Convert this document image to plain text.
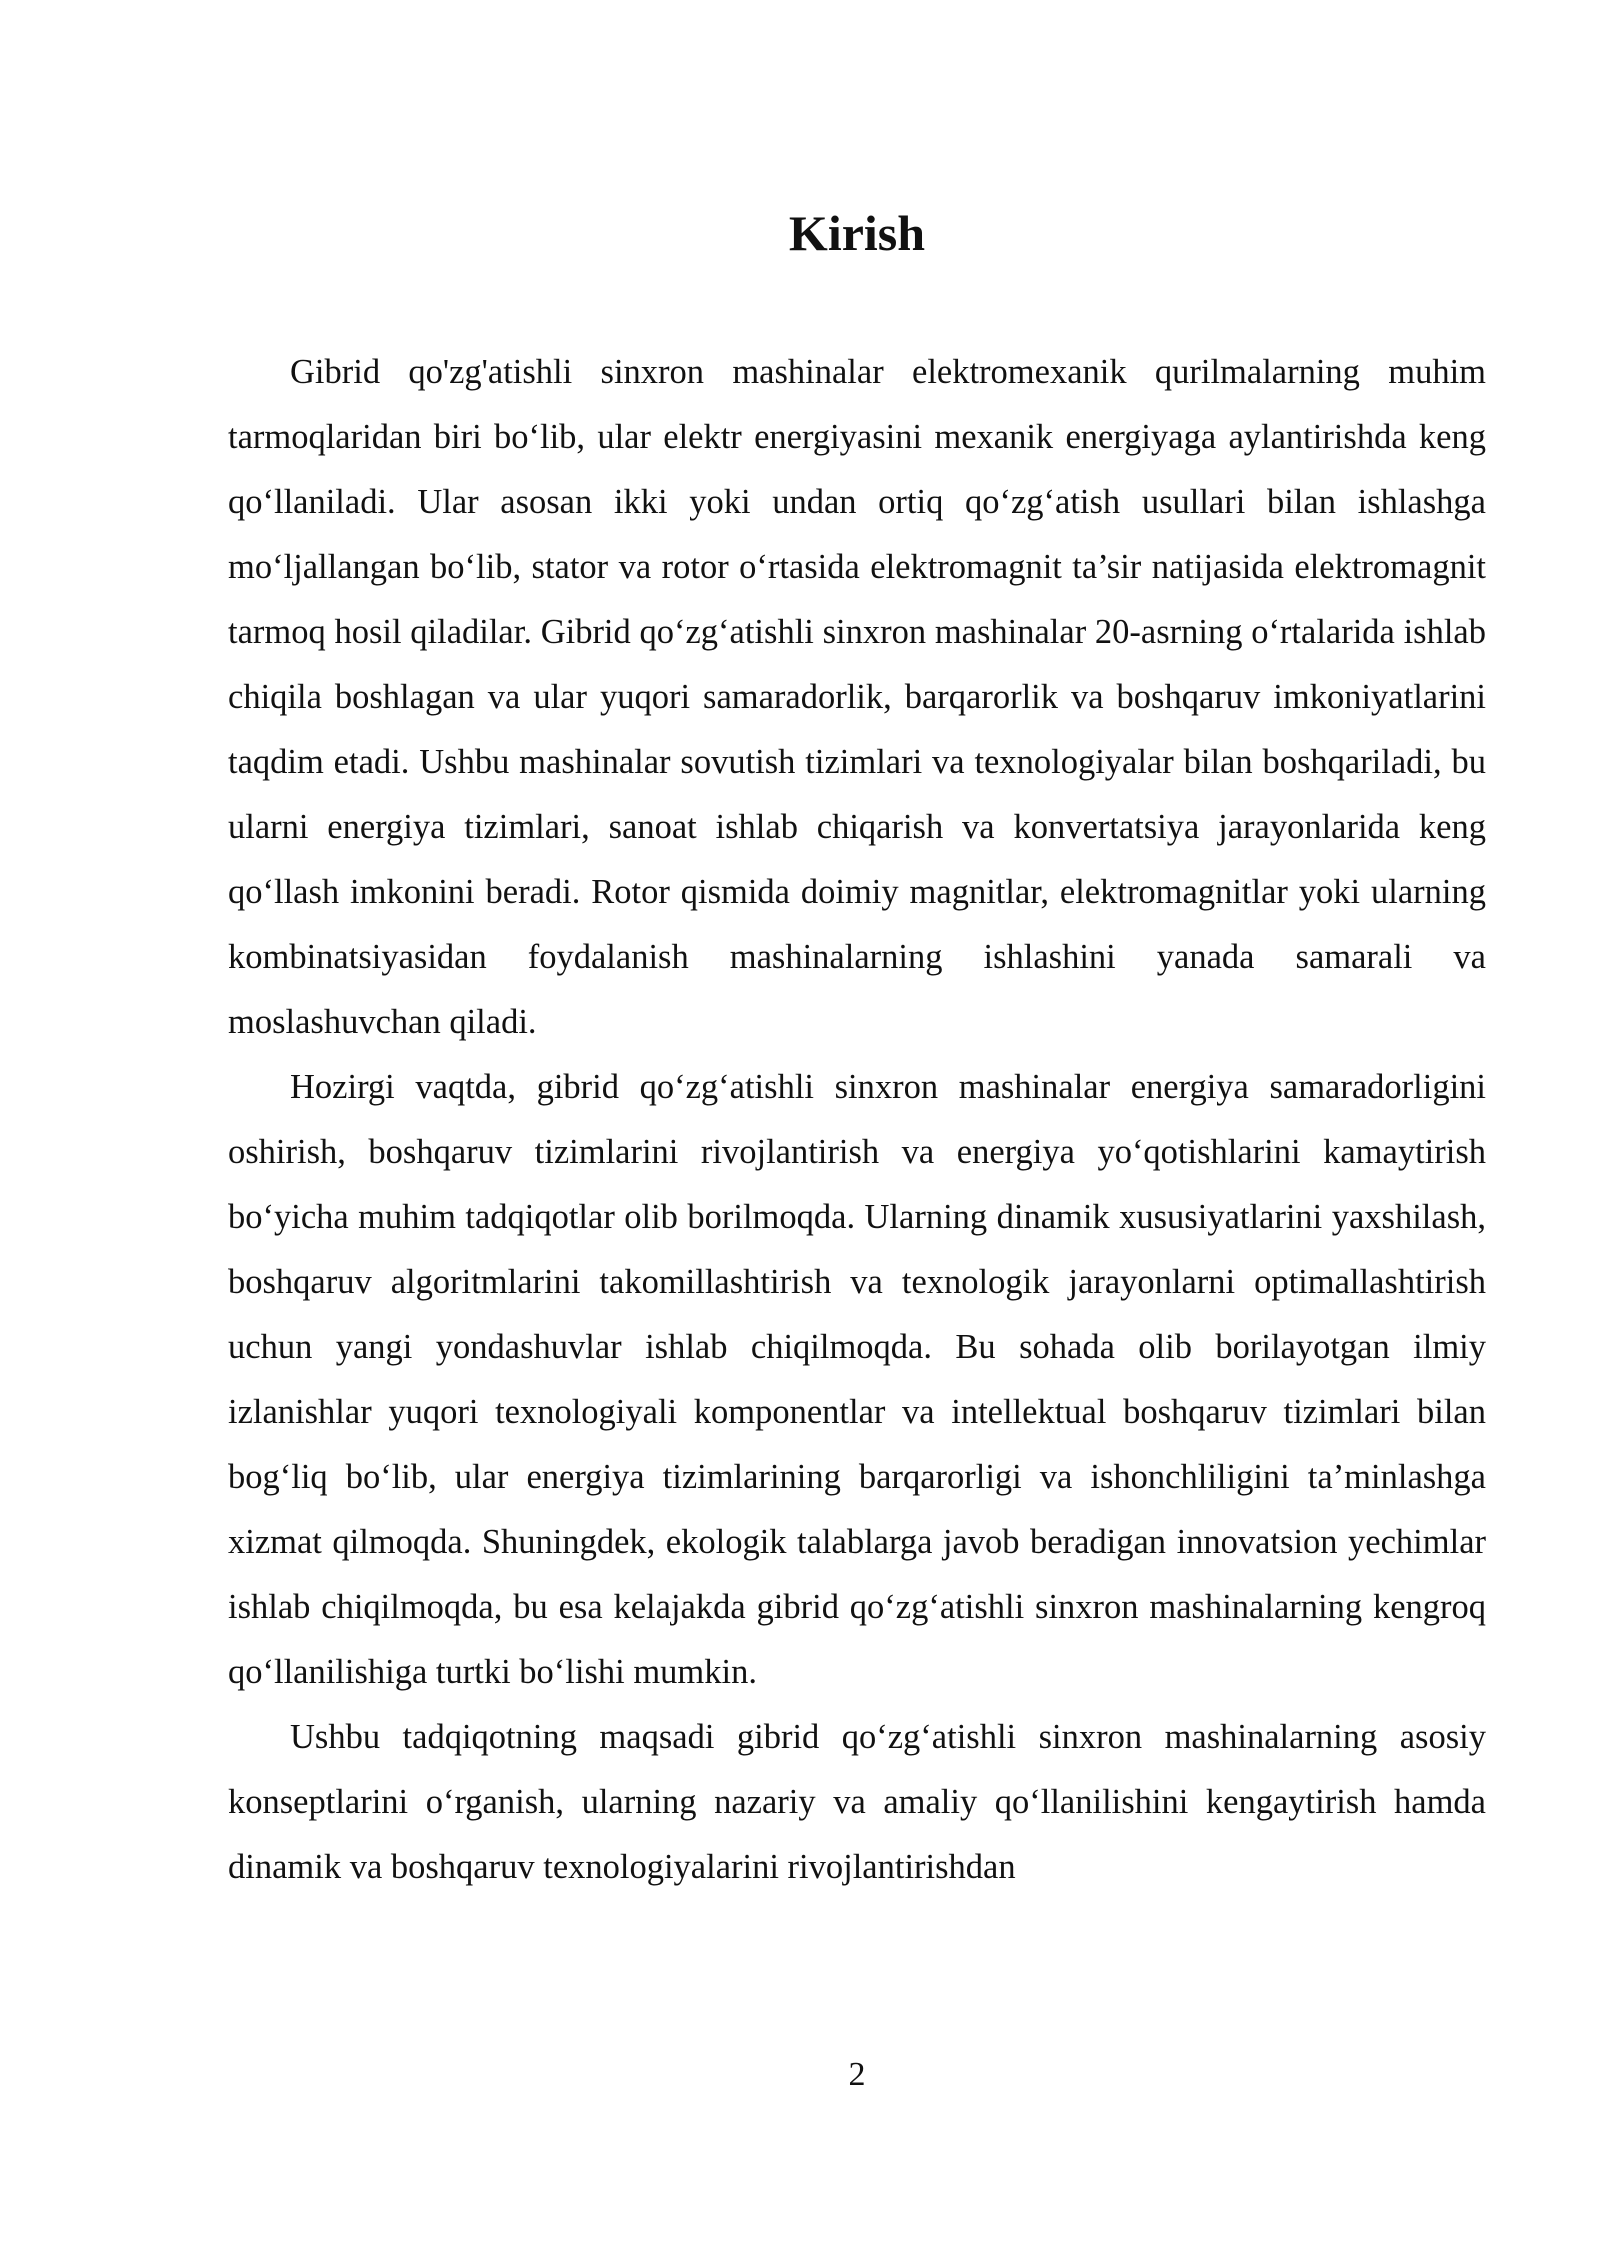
Kirish

Gibrid qo'zg'atishli sinxron mashinalar elektromexanik qurilmalarning muhim tarmoqlaridan biri bo‘lib, ular elektr energiyasini mexanik energiyaga aylantirishda keng qo‘llaniladi. Ular asosan ikki yoki undan ortiq qo‘zg‘atish usullari bilan ishlashga mo‘ljallangan bo‘lib, stator va rotor o‘rtasida elektromagnit ta’sir natijasida elektromagnit tarmoq hosil qiladilar. Gibrid qo‘zg‘atishli sinxron mashinalar 20-asrning o‘rtalarida ishlab chiqila boshlagan va ular yuqori samaradorlik, barqarorlik va boshqaruv imkoniyatlarini taqdim etadi. Ushbu mashinalar sovutish tizimlari va texnologiyalar bilan boshqariladi, bu ularni energiya tizimlari, sanoat ishlab chiqarish va konvertatsiya jarayonlarida keng qo‘llash imkonini beradi. Rotor qismida doimiy magnitlar, elektromagnitlar yoki ularning kombinatsiyasidan foydalanish mashinalarning ishlashini yanada samarali va moslashuvchan qiladi.

Hozirgi vaqtda, gibrid qo‘zg‘atishli sinxron mashinalar energiya samaradorligini oshirish, boshqaruv tizimlarini rivojlantirish va energiya yo‘qotishlarini kamaytirish bo‘yicha muhim tadqiqotlar olib borilmoqda. Ularning dinamik xususiyatlarini yaxshilash, boshqaruv algoritmlarini takomillashtirish va texnologik jarayonlarni optimallashtirish uchun yangi yondashuvlar ishlab chiqilmoqda. Bu sohada olib borilayotgan ilmiy izlanishlar yuqori texnologiyali komponentlar va intellektual boshqaruv tizimlari bilan bog‘liq bo‘lib, ular energiya tizimlarining barqarorligi va ishonchliligini ta’minlashga xizmat qilmoqda. Shuningdek, ekologik talablarga javob beradigan innovatsion yechimlar ishlab chiqilmoqda, bu esa kelajakda gibrid qo‘zg‘atishli sinxron mashinalarning kengroq qo‘llanilishiga turtki bo‘lishi mumkin.

Ushbu tadqiqotning maqsadi gibrid qo‘zg‘atishli sinxron mashinalarning asosiy konseptlarini o‘rganish, ularning nazariy va amaliy qo‘llanilishini kengaytirish hamda dinamik va boshqaruv texnologiyalarini rivojlantirishdan

2
